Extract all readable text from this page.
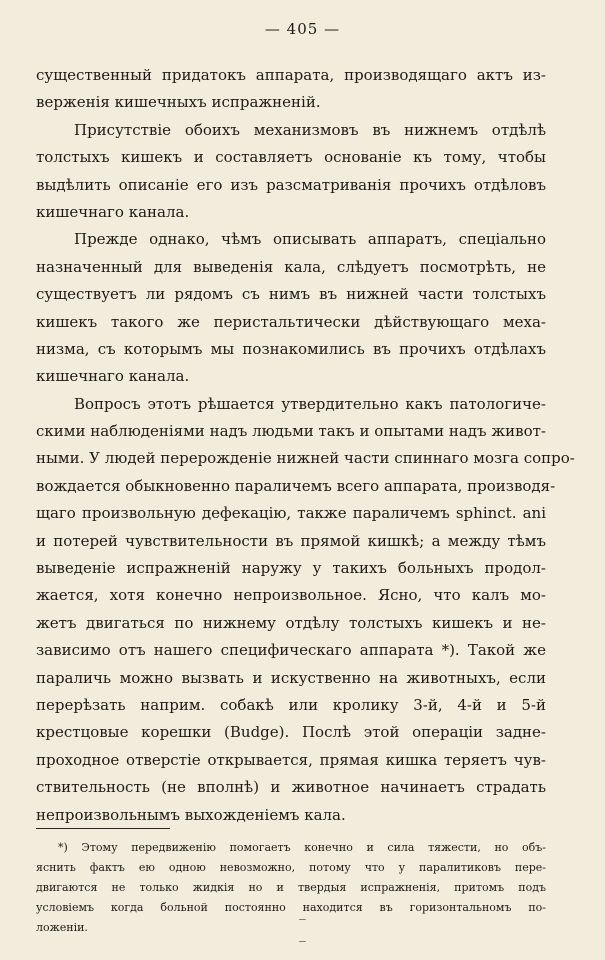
— 405 —
существенный придатокъ аппарата, производящаго актъ из-
верженія кишечныхъ испражненій.
Присутствіе обоихъ механизмовъ въ нижнемъ отдѣлѣ
толстыхъ кишекъ и составляетъ основаніе къ тому, чтобы
выдѣлить описаніе его изъ разсматриванія прочихъ отдѣловъ
кишечнаго канала.
Прежде однако, чѣмъ описывать аппаратъ, спеціально
назначенный для выведенія кала, слѣдуетъ посмотрѣть, не
существуетъ ли рядомъ съ нимъ въ нижней части толстыхъ
кишекъ такого же перистальтически дѣйствующаго меха-
низма, съ которымъ мы познакомились въ прочихъ отдѣлахъ
кишечнаго канала.
Вопросъ этотъ рѣшается утвердительно какъ патологиче-
скими наблюденіями надъ людьми такъ и опытами надъ живот-
ными. У людей перерожденіе нижней части спиннаго мозга сопро-
вождается обыкновенно параличемъ всего аппарата, производя-
щаго произвольную дефекацію, также параличемъ sphinct. ani
и потерей чувствительности въ прямой кишкѣ; а между тѣмъ
выведеніе испражненій наружу у такихъ больныхъ продол-
жается, хотя конечно непроизвольное. Ясно, что калъ мо-
жетъ двигаться по нижнему отдѣлу толстыхъ кишекъ и не-
зависимо отъ нашего специфическаго аппарата *). Такой же
параличь можно вызвать и искуственно на животныхъ, если
перерѣзать наприм. собакѣ или кролику 3-й, 4-й и 5-й
крестцовые корешки (Budge). Послѣ этой операціи задне-
проходное отверстіе открывается, прямая кишка теряетъ чув-
ствительность (не вполнѣ) и животное начинаетъ страдать
непроизвольнымъ выхожденіемъ кала.
*) Этому передвиженію помогаетъ конечно и сила тяжести, но объ-
яснить фактъ ею одною невозможно, потому что у паралитиковъ пере-
двигаются не только жидкія но и твердыя испражненія, притомъ подъ
условіемъ когда больной постоянно находится въ горизонтальномъ по-
ложеніи.
‒
‒
